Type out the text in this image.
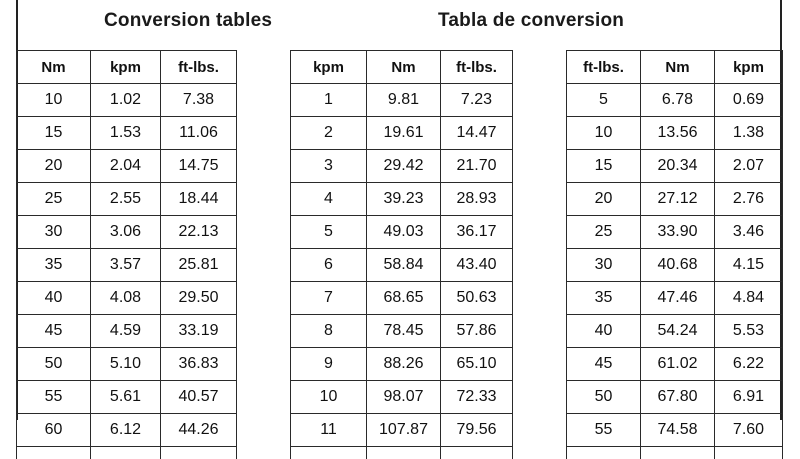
Conversion tables	Tabla de conversion
Nm	kpm	ft-lbs.
10	1.02	7.38
15	1.53	11.06
20	2.04	14.75
25	2.55	18.44
30	3.06	22.13
35	3.57	25.81
40	4.08	29.50
45	4.59	33.19
50	5.10	36.83
55	5.61	40.57
60	6.12	44.26

kpm	Nm	ft-lbs.
1	9.81	7.23
2	19.61	14.47
3	29.42	21.70
4	39.23	28.93
5	49.03	36.17
6	58.84	43.40
7	68.65	50.63
8	78.45	57.86
9	88.26	65.10
10	98.07	72.33
11	107.87	79.56

ft-lbs.	Nm	kpm
5	6.78	0.69
10	13.56	1.38
15	20.34	2.07
20	27.12	2.76
25	33.90	3.46
30	40.68	4.15
35	47.46	4.84
40	54.24	5.53
45	61.02	6.22
50	67.80	6.91
55	74.58	7.60
